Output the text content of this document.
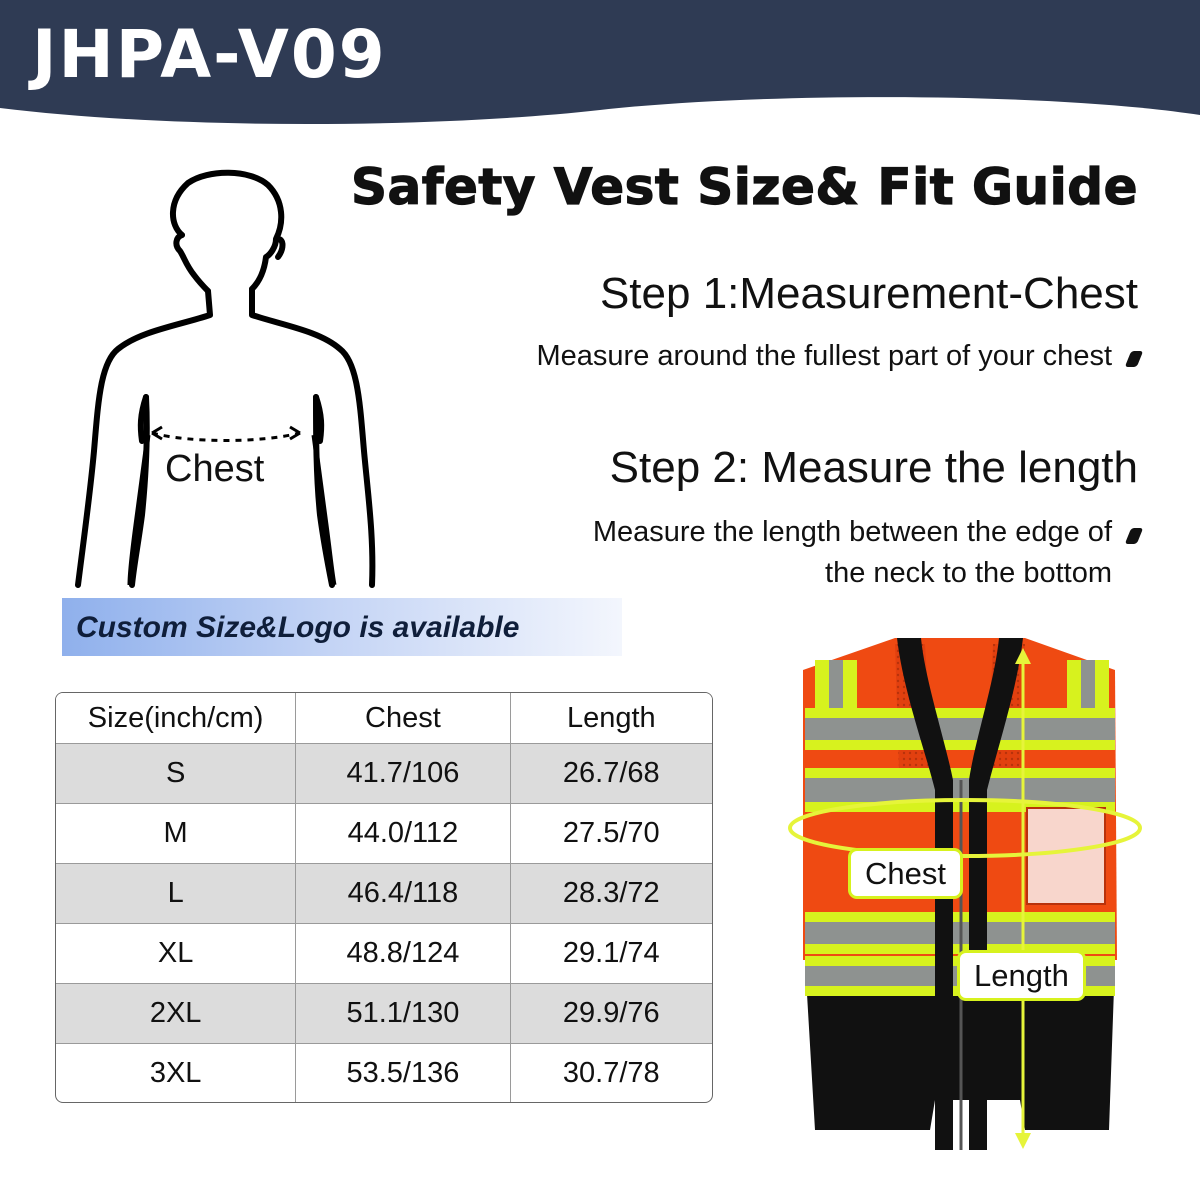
JHPA-V09
Safety Vest Size& Fit Guide
Step 1:Measurement-Chest
Measure around the fullest part of your chest
Step 2: Measure the length
Measure the length between the edge of
the neck to the bottom
Chest
Custom Size&Logo is available
Size(inch/cm)	Chest	Length
S	41.7/106	26.7/68
M	44.0/112	27.5/70
L	46.4/118	28.3/72
XL	48.8/124	29.1/74
2XL	51.1/130	29.9/76
3XL	53.5/136	30.7/78
Chest
Length
